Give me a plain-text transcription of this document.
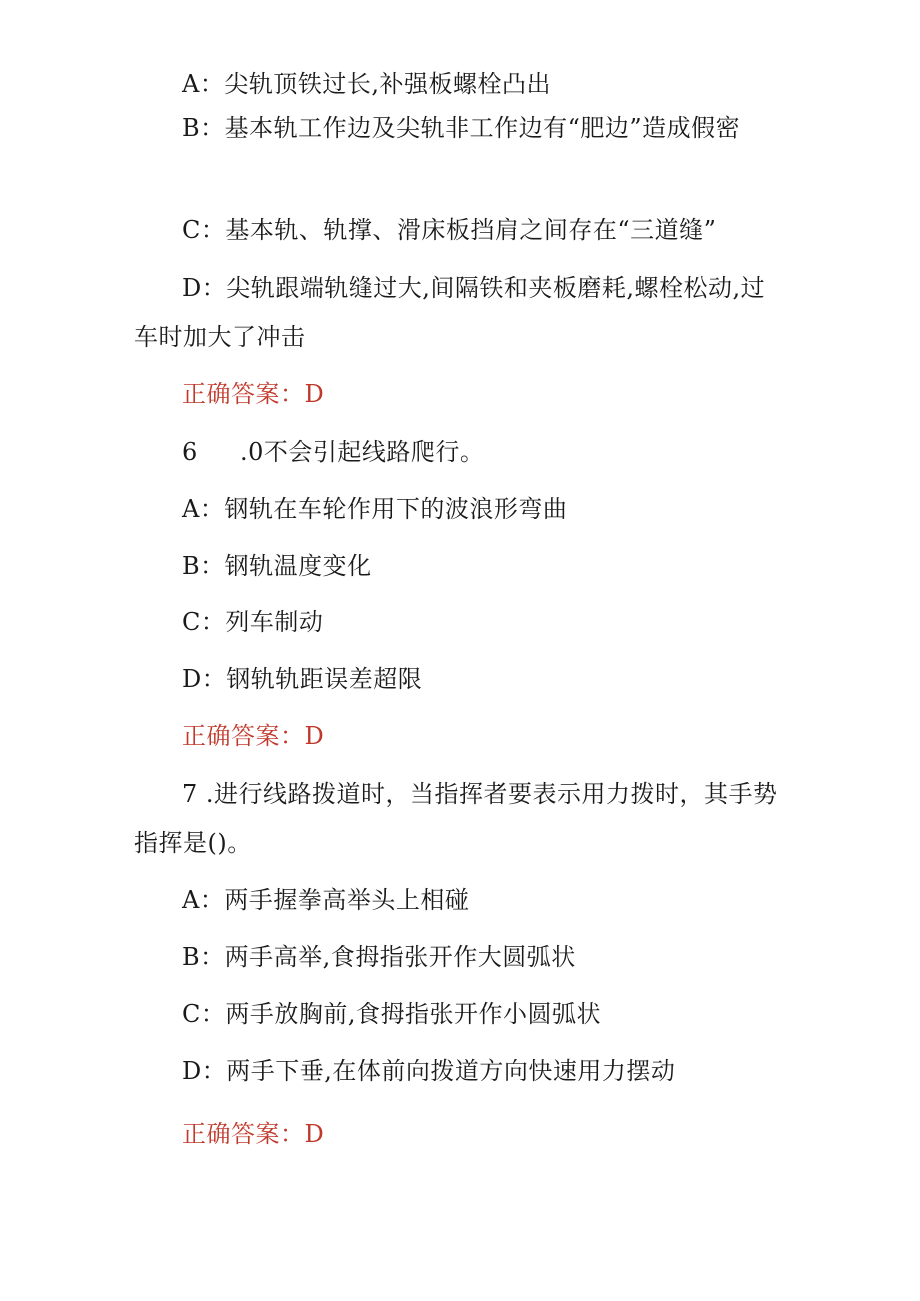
A：尖轨顶铁过长,补强板螺栓凸出
B：基本轨工作边及尖轨非工作边有“肥边”造成假密
C：基本轨、轨撑、滑床板挡肩之间存在“三道缝”
D：尖轨跟端轨缝过大,间隔铁和夹板磨耗,螺栓松动,过
车时加大了冲击
正确答案：D
6 .0不会引起线路爬行。
A：钢轨在车轮作用下的波浪形弯曲
B：钢轨温度变化
C：列车制动
D：钢轨轨距误差超限
正确答案：D
7 .进行线路拨道时，当指挥者要表示用力拨时，其手势
指挥是()。
A：两手握拳高举头上相碰
B：两手高举,食拇指张开作大圆弧状
C：两手放胸前,食拇指张开作小圆弧状
D：两手下垂,在体前向拨道方向快速用力摆动
正确答案：D
